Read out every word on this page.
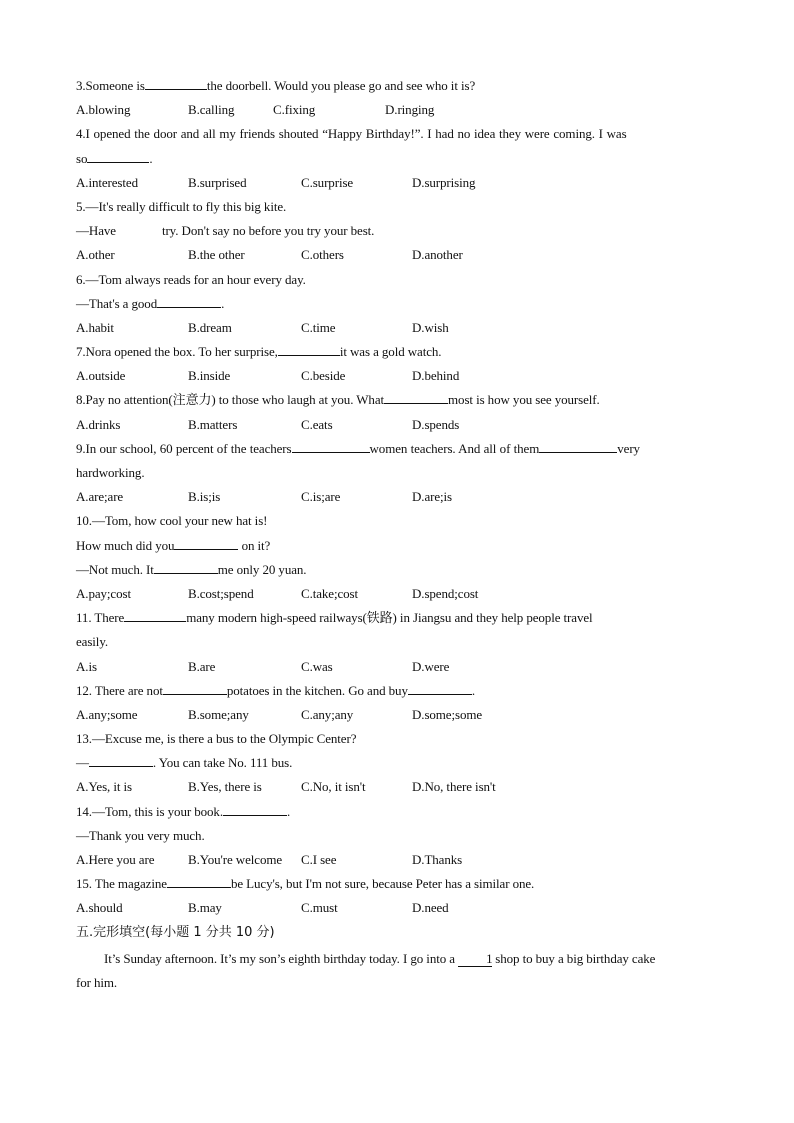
3.Someone is	the doorbell. Would you please go and see who it is?
A.blowing	B.calling	C.fixing	D.ringing
4.I opened the door and all my friends shouted “Happy Birthday!”. I had no idea they were coming. I was
so	.
A.interested	B.surprised	C.surprise	D.surprising
5.—It's really difficult to fly this big kite.
—Have	try. Don't say no before you try your best.
A.other	B.the other	C.others	D.another
6.—Tom always reads for an hour every day.
—That's a good	.
A.habit	B.dream	C.time	D.wish
7.Nora opened the box. To her surprise,	it was a gold watch.
A.outside	B.inside	C.beside	D.behind
8.Pay no attention(注意力) to those who laugh at you. What	most is how you see yourself.
A.drinks	B.matters	C.eats	D.spends
9.In our school, 60 percent of the teachers	women teachers. And all of them	very
hardworking.
A.are;are	B.is;is	C.is;are	D.are;is
10.—Tom, how cool your new hat is!
How much did you	on it?
—Not much. It	me only 20 yuan.
A.pay;cost	B.cost;spend	C.take;cost	D.spend;cost
11. There	many modern high-speed railways(铁路) in Jiangsu and they help people travel
easily.
A.is	B.are	C.was	D.were
12. There are not	potatoes in the kitchen. Go and buy	.
A.any;some	B.some;any	C.any;any	D.some;some
13.—Excuse me, is there a bus to the Olympic Center?
—	. You can take No. 111 bus.
A.Yes, it is	B.Yes, there is	C.No, it isn't	D.No, there isn't
14.—Tom, this is your book.	.
—Thank you very much.
A.Here you are	B.You're welcome	C.I see	D.Thanks
15. The magazine	be Lucy's, but I'm not sure, because Peter has a similar one.
A.should	B.may	C.must	D.need
五.完形填空(每小题 1 分共 10 分)
It’s Sunday afternoon. It’s my son’s eighth birthday today. I go into a 1 shop to buy a big birthday cake
for him.
